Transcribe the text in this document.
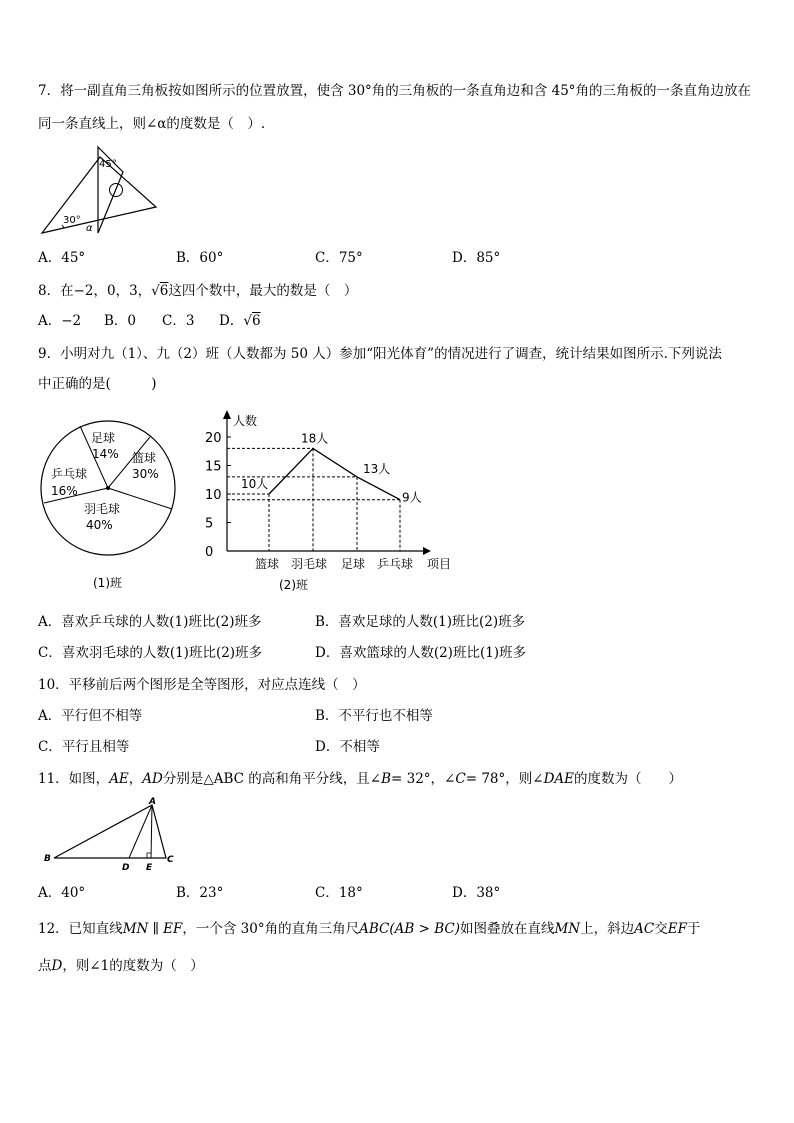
7．将一副直角三角板按如图所示的位置放置，使含 30°角的三角板的一条直角边和含 45°角的三角板的一条直角边放在
同一条直线上，则∠α的度数是（　）.
45°
30°
α
A．45°	B．60°	C．75°	D．85°
8．在−2，0，3，√6这四个数中，最大的数是（　）
A．−2 B．0 C．3 D．√6
9．小明对九（1）、九（2）班（人数都为 50 人）参加“阳光体育”的情况进行了调查，统计结果如图所示.下列说法
中正确的是(　　　)
足球
14% 篮球
30%
乒乓球
16%
羽毛球
40%
(1)班
0
5
10
15
20
10人
18人
13人
9人
篮球 羽毛球 足球 乒乓球
人数
项目
(2)班
A．喜欢乒乓球的人数(1)班比(2)班多	B．喜欢足球的人数(1)班比(2)班多
C．喜欢羽毛球的人数(1)班比(2)班多	D．喜欢篮球的人数(2)班比(1)班多
10．平移前后两个图形是全等图形，对应点连线（　）
A．平行但不相等	B．不平行也不相等
C．平行且相等	D．不相等
11．如图，AE，AD分别是△ABC 的高和角平分线，且∠B= 32°，∠C= 78°，则∠DAE的度数为（　　）
A
B	C
D E
A．40°	B．23°	C．18°	D．38°
12．已知直线MN ∥ EF，一个含 30°角的直角三角尺ABC(AB > BC)如图叠放在直线MN上，斜边AC交EF于
点D，则∠1的度数为（　）
